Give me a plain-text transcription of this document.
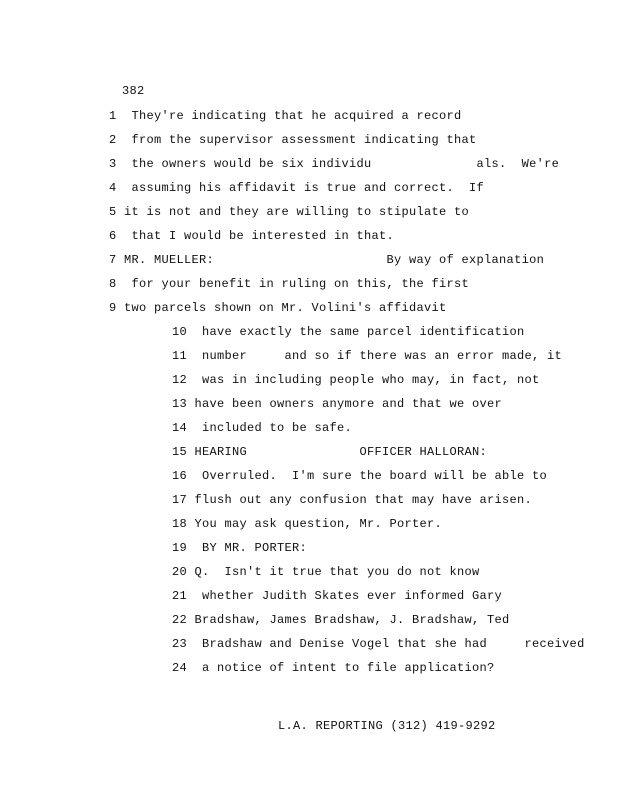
382
1  They're indicating that he acquired a record
2  from the supervisor assessment indicating that
3  the owners would be six individu              als.  We're
4  assuming his affidavit is true and correct.  If
5 it is not and they are willing to stipulate to
6  that I would be interested in that.
7 MR. MUELLER:                       By way of explanation
8  for your benefit in ruling on this, the first
9 two parcels shown on Mr. Volini's affidavit
10  have exactly the same parcel identification
11  number     and so if there was an error made, it
12  was in including people who may, in fact, not
13 have been owners anymore and that we over
14  included to be safe.
15 HEARING               OFFICER HALLORAN:
16  Overruled.  I'm sure the board will be able to
17 flush out any confusion that may have arisen.
18 You may ask question, Mr. Porter.
19  BY MR. PORTER:
20 Q.  Isn't it true that you do not know
21  whether Judith Skates ever informed Gary
22 Bradshaw, James Bradshaw, J. Bradshaw, Ted
23  Bradshaw and Denise Vogel that she had     received
24  a notice of intent to file application?
L.A. REPORTING (312) 419-9292
